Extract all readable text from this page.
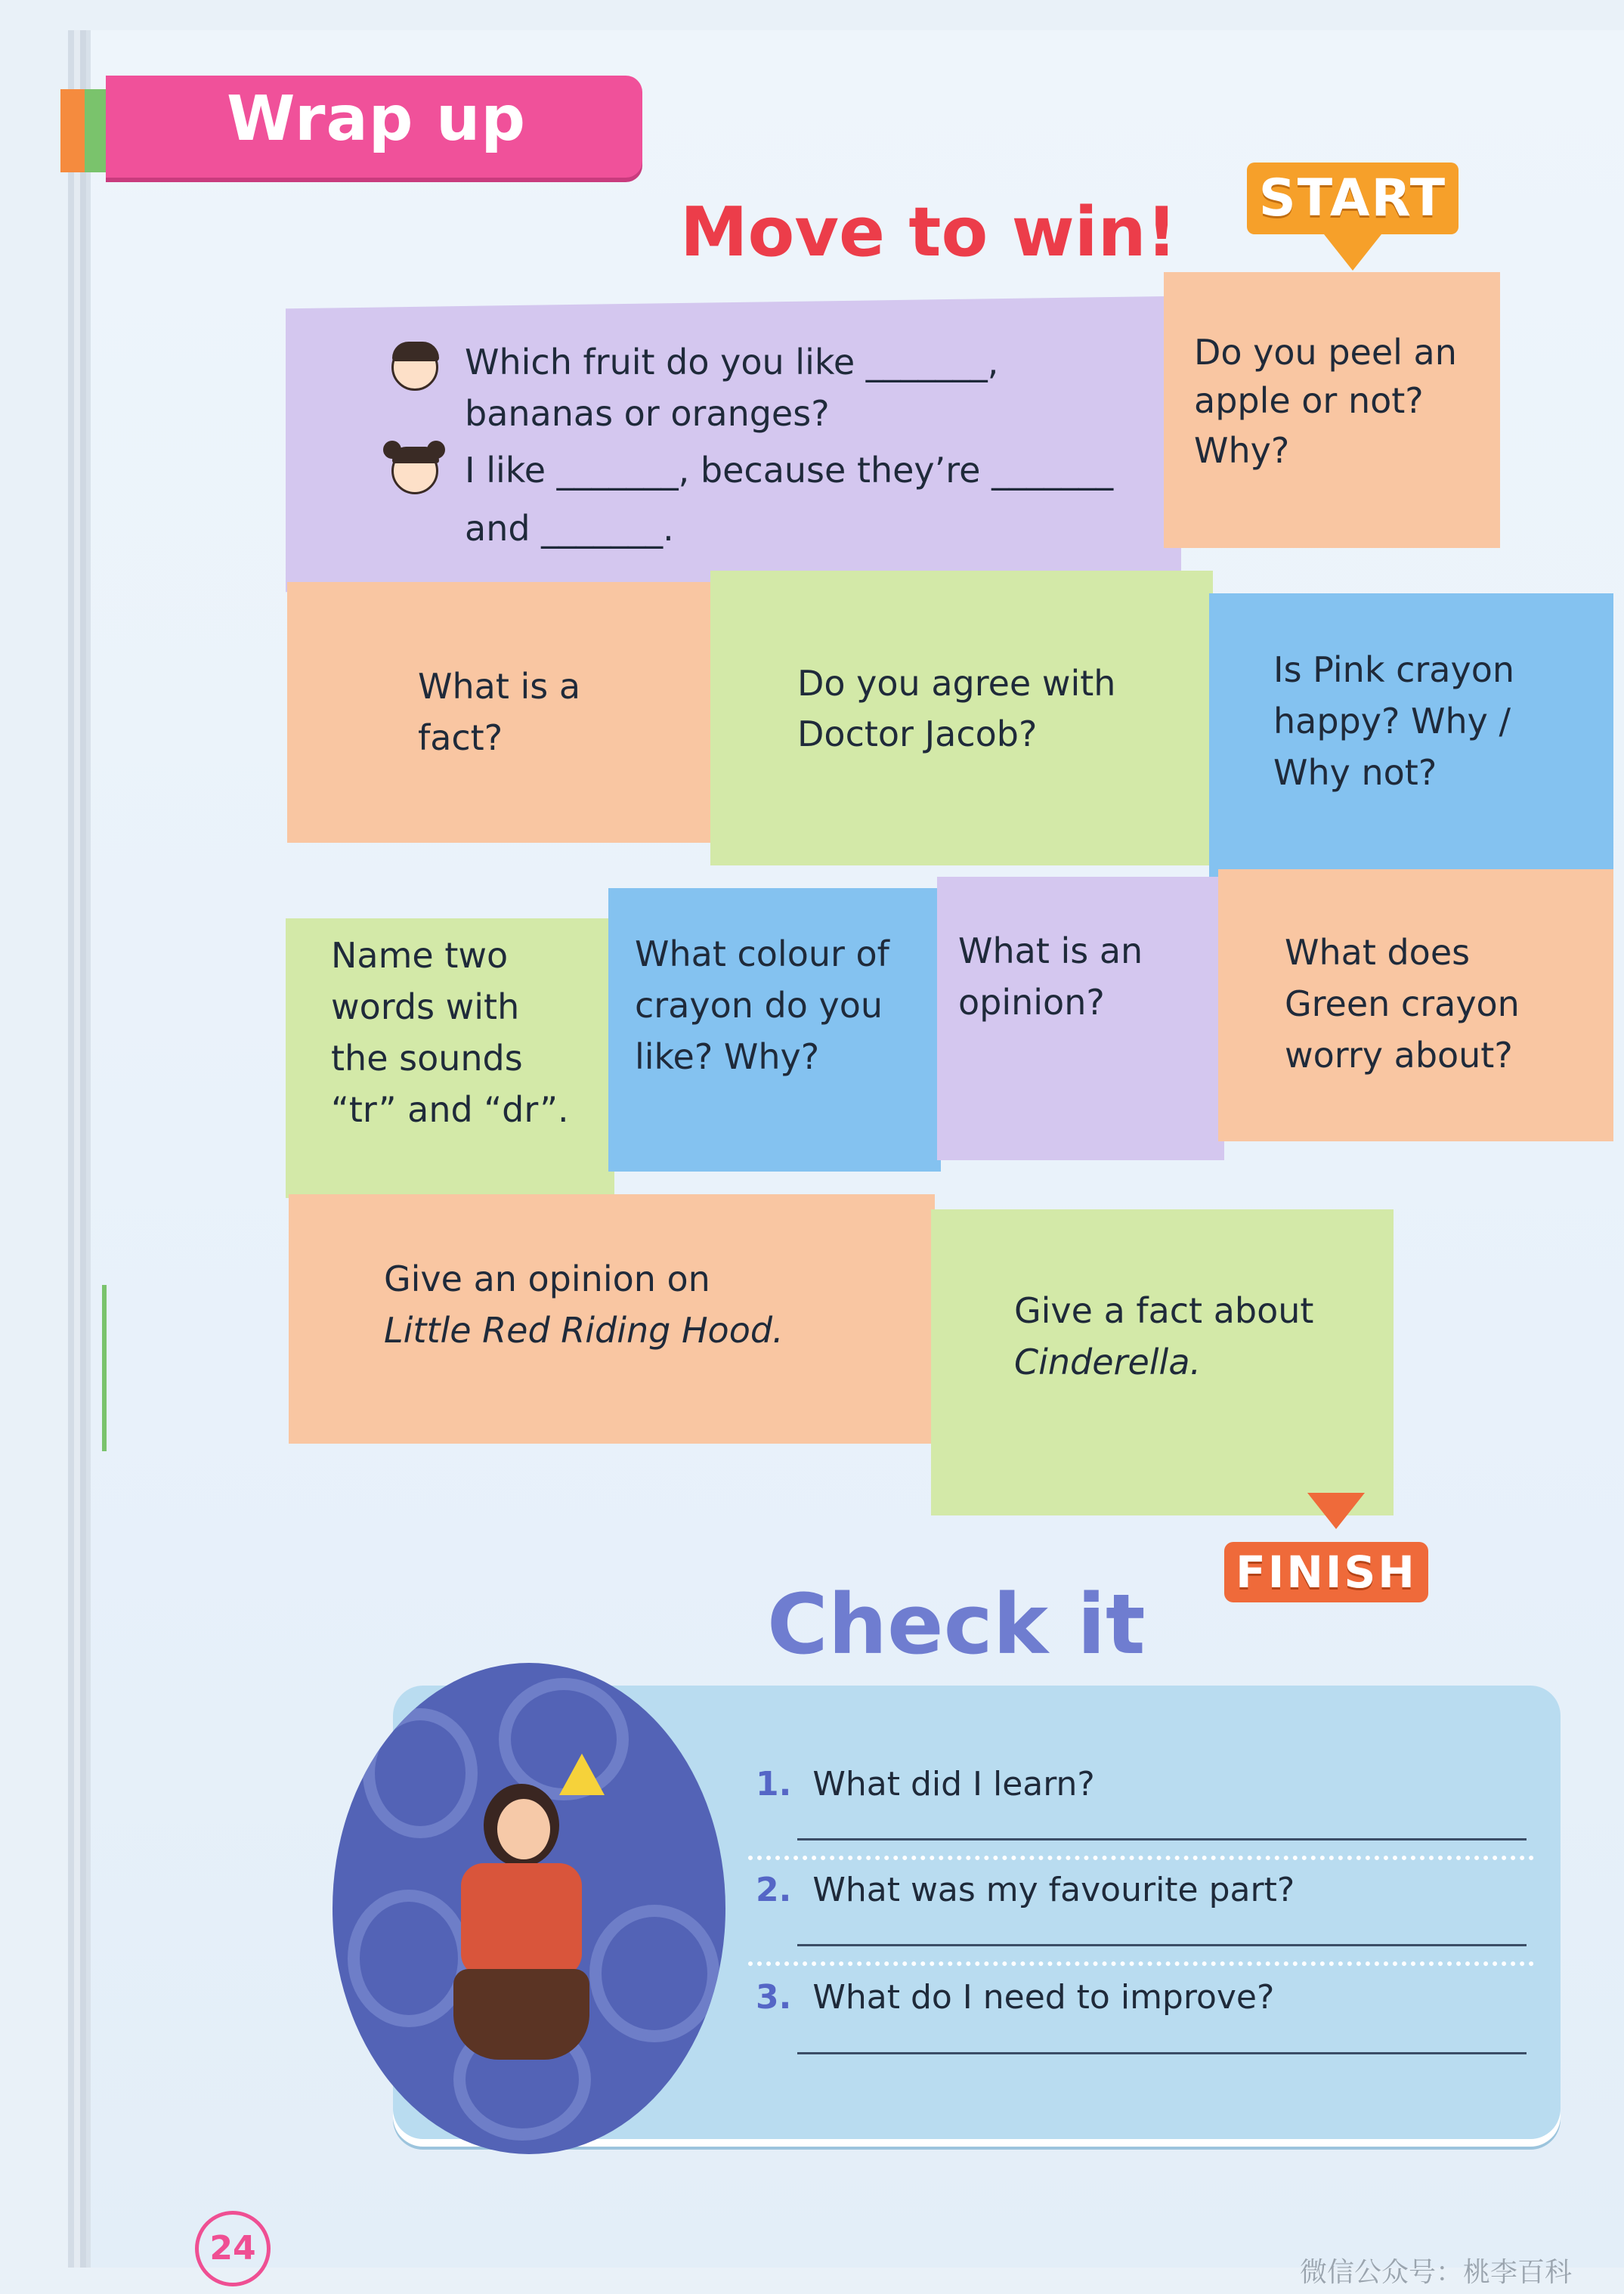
Wrap up
Move to win! START
Which fruit do you like _______,
bananas or oranges?
I like _______, because they’re _______
and _______.
Do you peel an
apple or not?
Why?
What is a
fact?
Do you agree with
Doctor Jacob?
Is Pink crayon
happy? Why /
Why not?
Name two
words with
the sounds
“tr” and “dr”.
What colour of
crayon do you
like? Why?
What is an
opinion?
What does
Green crayon
worry about?
Give an opinion on
Little Red Riding Hood.	Give a fact about
Cinderella.
FINISH
Check it
1. What did I learn?
2. What was my favourite part?
3. What do I need to improve?
24
微信公众号：桃李百科
